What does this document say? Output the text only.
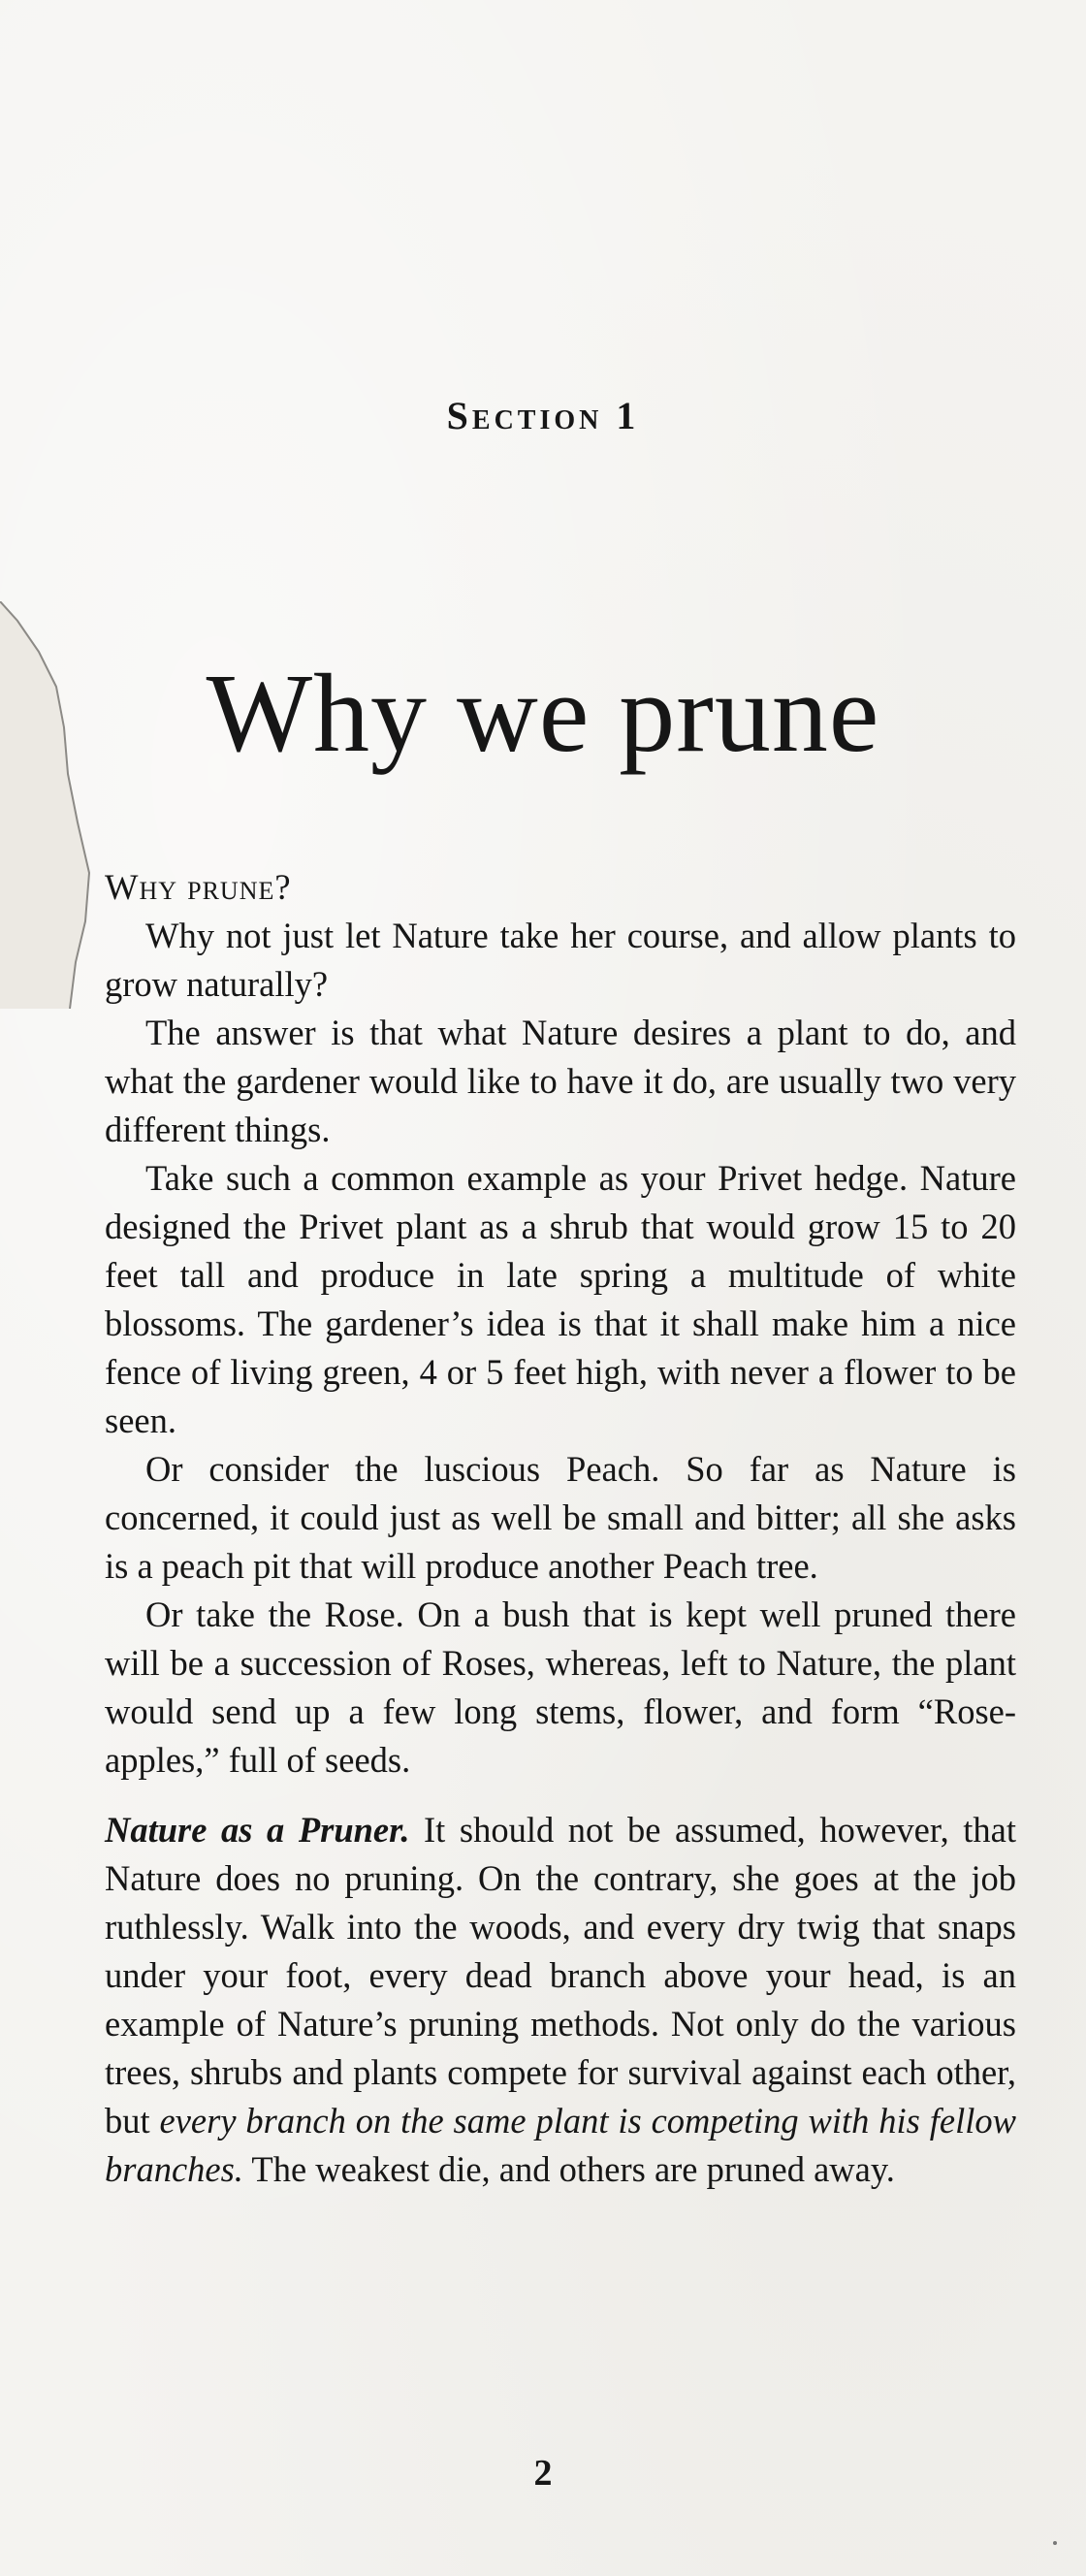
Section 1
Why we prune

Why prune?

Why not just let Nature take her course, and allow plants to grow naturally?

The answer is that what Nature desires a plant to do, and what the gardener would like to have it do, are usually two very different things.

Take such a common example as your Privet hedge. Nature designed the Privet plant as a shrub that would grow 15 to 20 feet tall and produce in late spring a multitude of white blossoms. The gardener’s idea is that it shall make him a nice fence of living green, 4 or 5 feet high, with never a flower to be seen.

Or consider the luscious Peach. So far as Nature is concerned, it could just as well be small and bitter; all she asks is a peach pit that will produce another Peach tree.

Or take the Rose. On a bush that is kept well pruned there will be a succession of Roses, whereas, left to Nature, the plant would send up a few long stems, flower, and form “Rose-apples,” full of seeds.

Nature as a Pruner. It should not be assumed, however, that Nature does no pruning. On the contrary, she goes at the job ruthlessly. Walk into the woods, and every dry twig that snaps under your foot, every dead branch above your head, is an example of Nature’s pruning methods. Not only do the various trees, shrubs and plants compete for survival against each other, but every branch on the same plant is competing with his fellow branches. The weakest die, and others are pruned away.

2
